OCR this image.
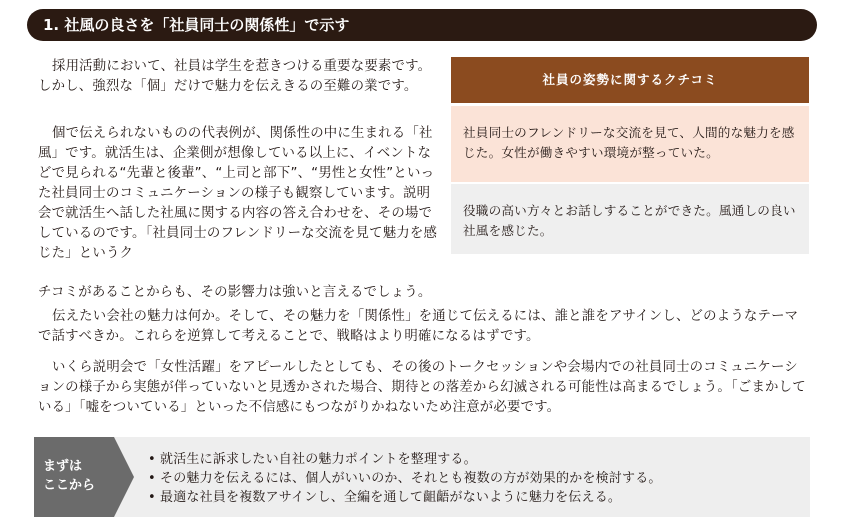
1. 社風の良さを「社員同士の関係性」で示す

採用活動において、社員は学生を惹きつける重要な要素です。しかし、強烈な「個」だけで魅力を伝えきるの至難の業です。

個で伝えられないものの代表例が、関係性の中に生まれる「社風」です。就活生は、企業側が想像している以上に、イベントなどで見られる“先輩と後輩”、“上司と部下”、“男性と女性”といった社員同士のコミュニケーションの様子も観察しています。説明会で就活生へ話した社風に関する内容の答え合わせを、その場でしているのです。「社員同士のフレンドリーな交流を見て魅力を感じた」というク

チコミがあることからも、その影響力は強いと言えるでしょう。

伝えたい会社の魅力は何か。そして、その魅力を「関係性」を通じて伝えるには、誰と誰をアサインし、どのようなテーマで話すべきか。これらを逆算して考えることで、戦略はより明確になるはずです。

いくら説明会で「女性活躍」をアピールしたとしても、その後のトークセッションや会場内での社員同士のコミュニケーションの様子から実態が伴っていないと見透かされた場合、期待との落差から幻滅される可能性は高まるでしょう。「ごまかしている」「嘘をついている」といった不信感にもつながりかねないため注意が必要です。

社員の姿勢に関するクチコミ
社員同士のフレンドリーな交流を見て、人間的な魅力を感じた。女性が働きやすい環境が整っていた。
役職の高い方々とお話しすることができた。風通しの良い社風を感じた。
まずは
ここから
• 就活生に訴求したい自社の魅力ポイントを整理する。
• その魅力を伝えるには、個人がいいのか、それとも複数の方が効果的かを検討する。
• 最適な社員を複数アサインし、全編を通して齟齬がないように魅力を伝える。
